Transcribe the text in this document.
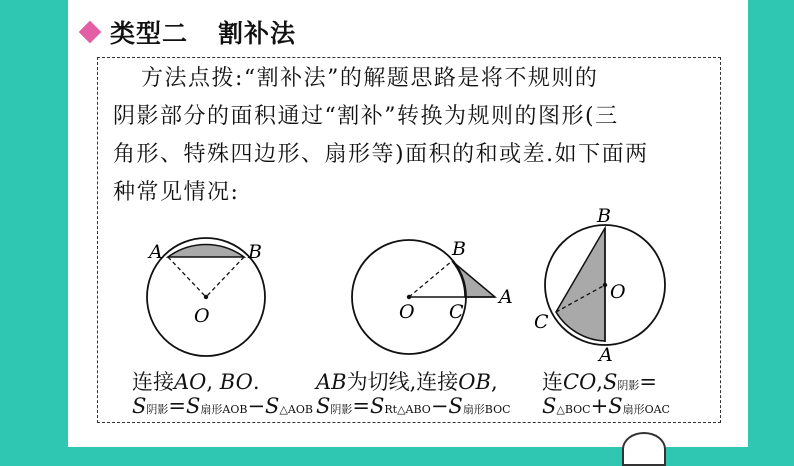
类型二 割补法
方法点拨:“割补法”的解题思路是将不规则的
阴影部分的面积通过“割补”转换为规则的图形(三
角形、特殊四边形、扇形等)面积的和或差.如下面两
种常见情况:
A	B
O
B
A
C
O
B
O
C
A
连接AO, BO.
S阴影=S扇形AOB−S△AOB
AB为切线,连接OB,
S阴影=SRt△ABO−S扇形BOC
连CO,S阴影=
S△BOC+S扇形OAC
